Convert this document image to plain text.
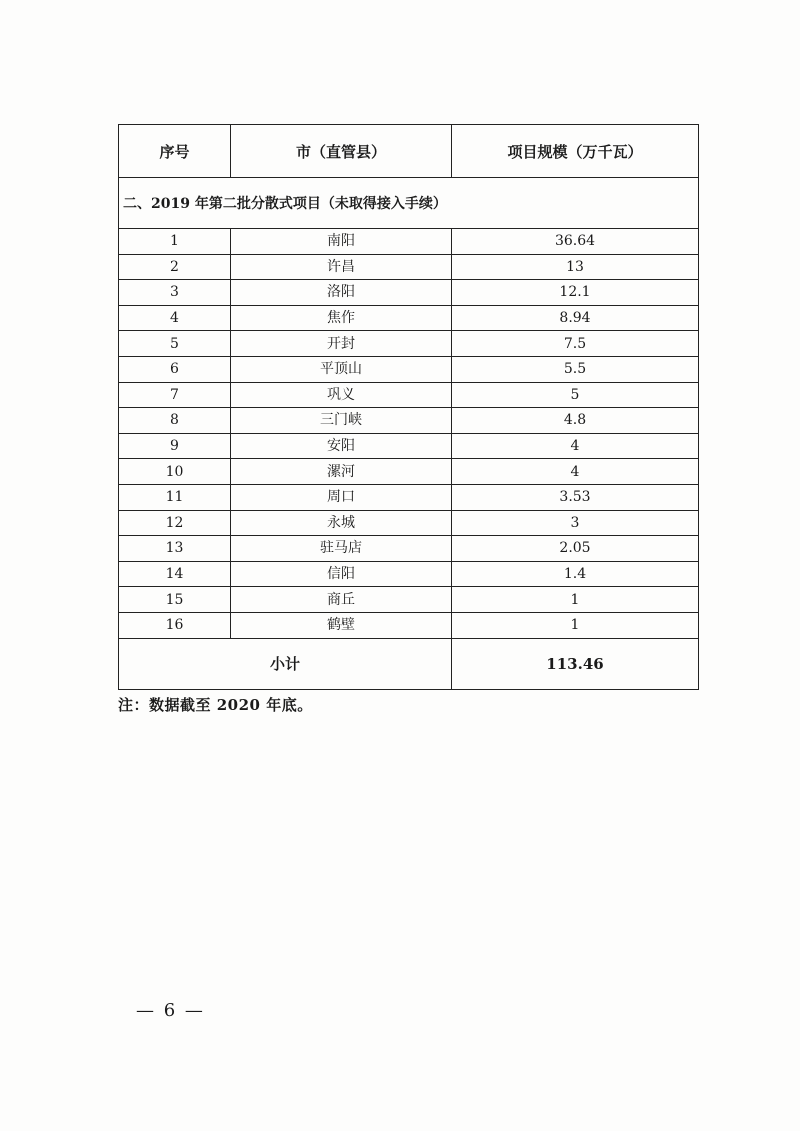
序号	市（直管县）	项目规模（万千瓦）
二、2019 年第二批分散式项目（未取得接入手续）		
1	南阳	36.64
2	许昌	13
3	洛阳	12.1
4	焦作	8.94
5	开封	7.5
6	平顶山	5.5
7	巩义	5
8	三门峡	4.8
9	安阳	4
10	漯河	4
11	周口	3.53
12	永城	3
13	驻马店	2.05
14	信阳	1.4
15	商丘	1
16	鹤壁	1
小计		113.46
注：数据截至 2020 年底。
— 6 —
